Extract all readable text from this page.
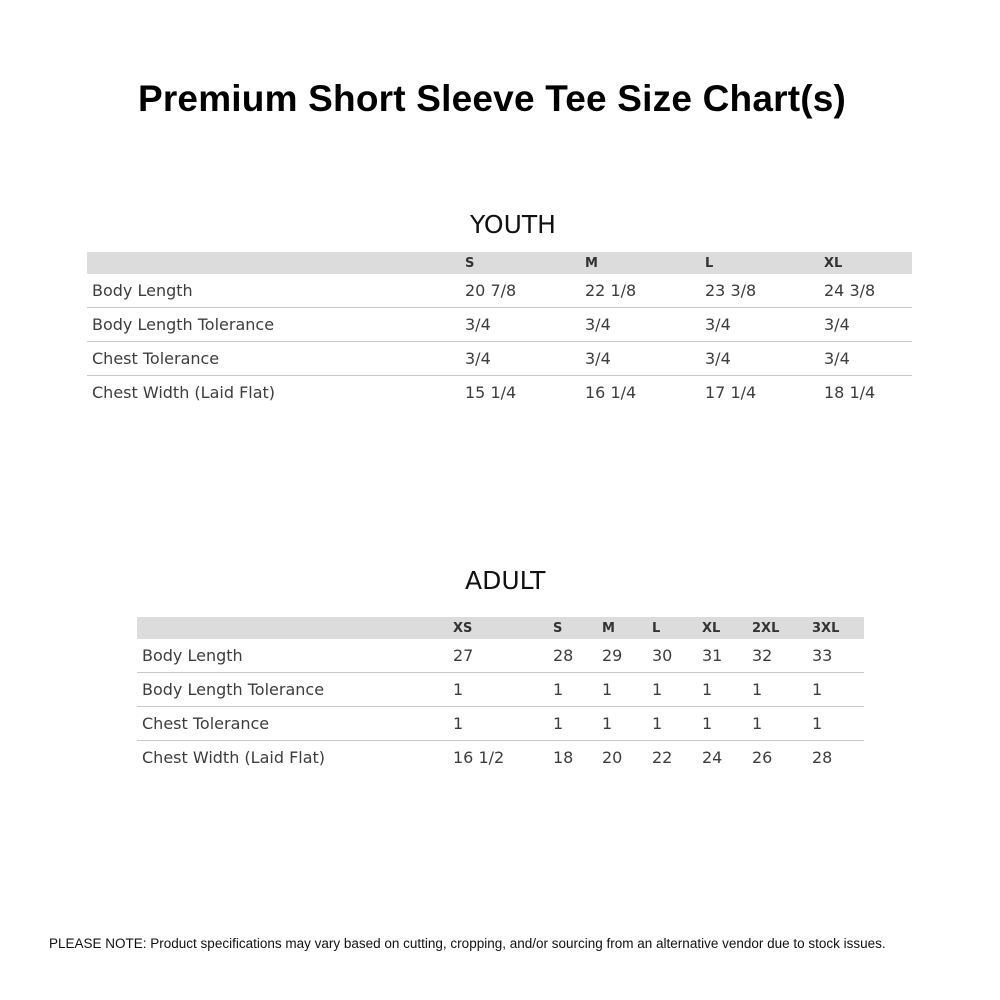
Premium Short Sleeve Tee Size Chart(s)
YOUTH
	S	M	L	XL
Body Length	20 7/8	22 1/8	23 3/8	24 3/8
Body Length Tolerance	3/4	3/4	3/4	3/4
Chest Tolerance	3/4	3/4	3/4	3/4
Chest Width (Laid Flat)	15 1/4	16 1/4	17 1/4	18 1/4
ADULT
	XS	S	M	L	XL	2XL	3XL
Body Length	27	28	29	30	31	32	33
Body Length Tolerance	1	1	1	1	1	1	1
Chest Tolerance	1	1	1	1	1	1	1
Chest Width (Laid Flat)	16 1/2	18	20	22	24	26	28
PLEASE NOTE: Product specifications may vary based on cutting, cropping, and/or sourcing from an alternative vendor due to stock issues.
